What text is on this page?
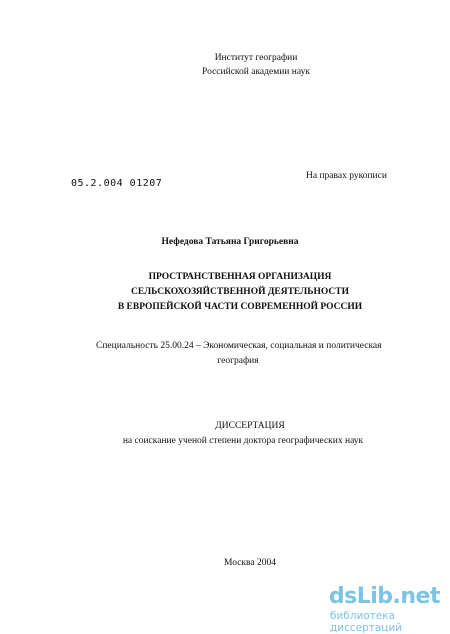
Институт географии
Российской академии наук
05.2.004 01207
На правах рукописи
Нефедова Татьяна Григорьевна
ПРОСТРАНСТВЕННАЯ ОРГАНИЗАЦИЯ
СЕЛЬСКОХОЗЯЙСТВЕННОЙ ДЕЯТЕЛЬНОСТИ
В ЕВРОПЕЙСКОЙ ЧАСТИ СОВРЕМЕННОЙ РОССИИ
Специальность 25.00.24 – Экономическая, социальная и политическая
география
ДИССЕРТАЦИЯ
на соискание ученой степени доктора географических наук
Москва 2004
dsLib.net
библиотека диссертаций
